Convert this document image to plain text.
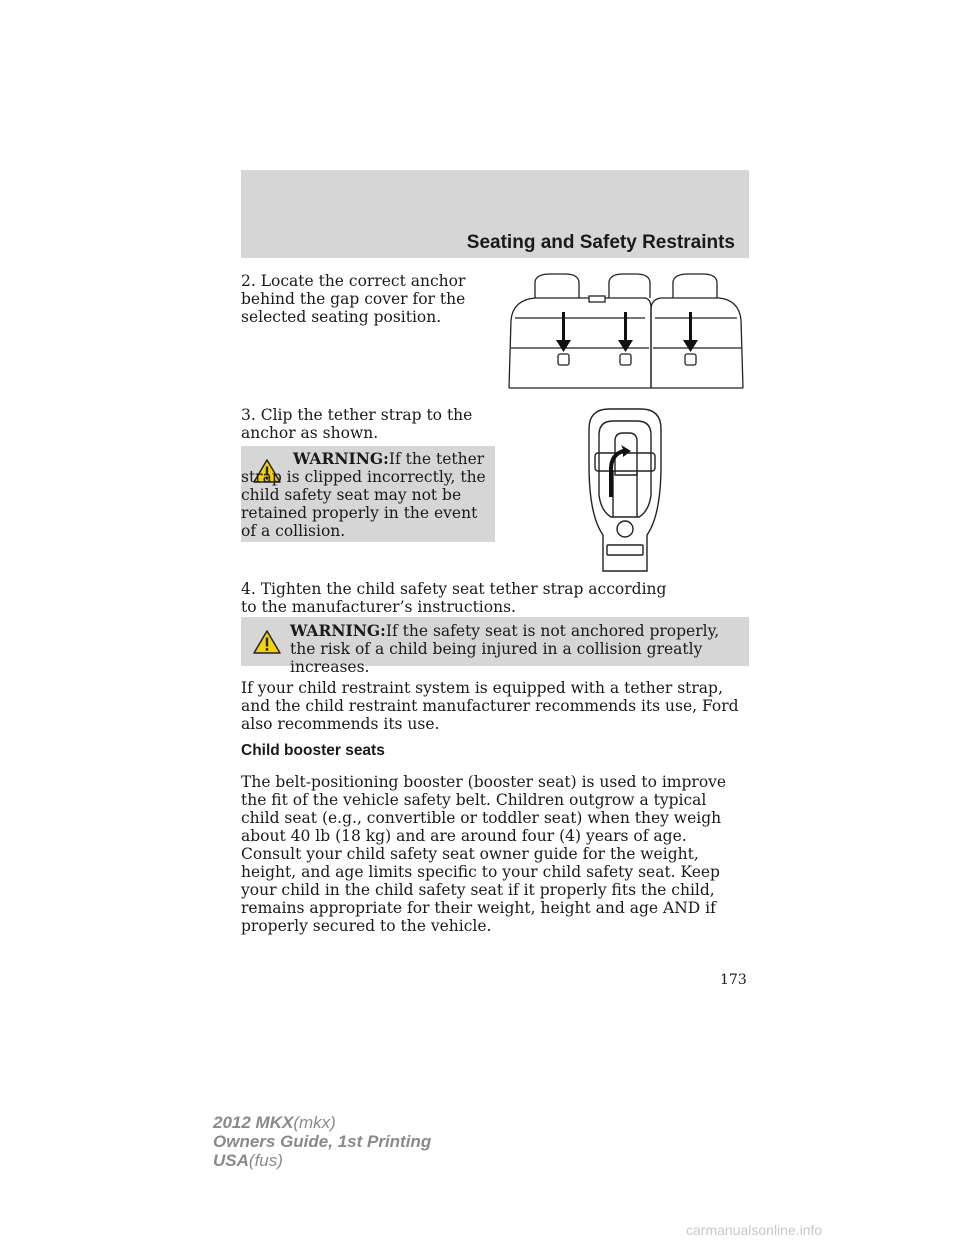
Seating and Safety Restraints

2. Locate the correct anchor behind the gap cover for the selected seating position.

3. Clip the tether strap to the anchor as shown.

WARNING:If the tether strap is clipped incorrectly, the child safety seat may not be retained properly in the event of a collision.

4. Tighten the child safety seat tether strap according to the manufacturer’s instructions.

WARNING:If the safety seat is not anchored properly, the risk of a child being injured in a collision greatly increases.

If your child restraint system is equipped with a tether strap, and the child restraint manufacturer recommends its use, Ford also recommends its use.

Child booster seats

The belt-positioning booster (booster seat) is used to improve the fit of the vehicle safety belt. Children outgrow a typical child seat (e.g., convertible or toddler seat) when they weigh about 40 lb (18 kg) and are around four (4) years of age. Consult your child safety seat owner guide for the weight, height, and age limits specific to your child safety seat. Keep your child in the child safety seat if it properly fits the child, remains appropriate for their weight, height and age AND if properly secured to the vehicle.

173
2012 MKX(mkx)
Owners Guide, 1st Printing
USA(fus)
carmanualsonline.info
